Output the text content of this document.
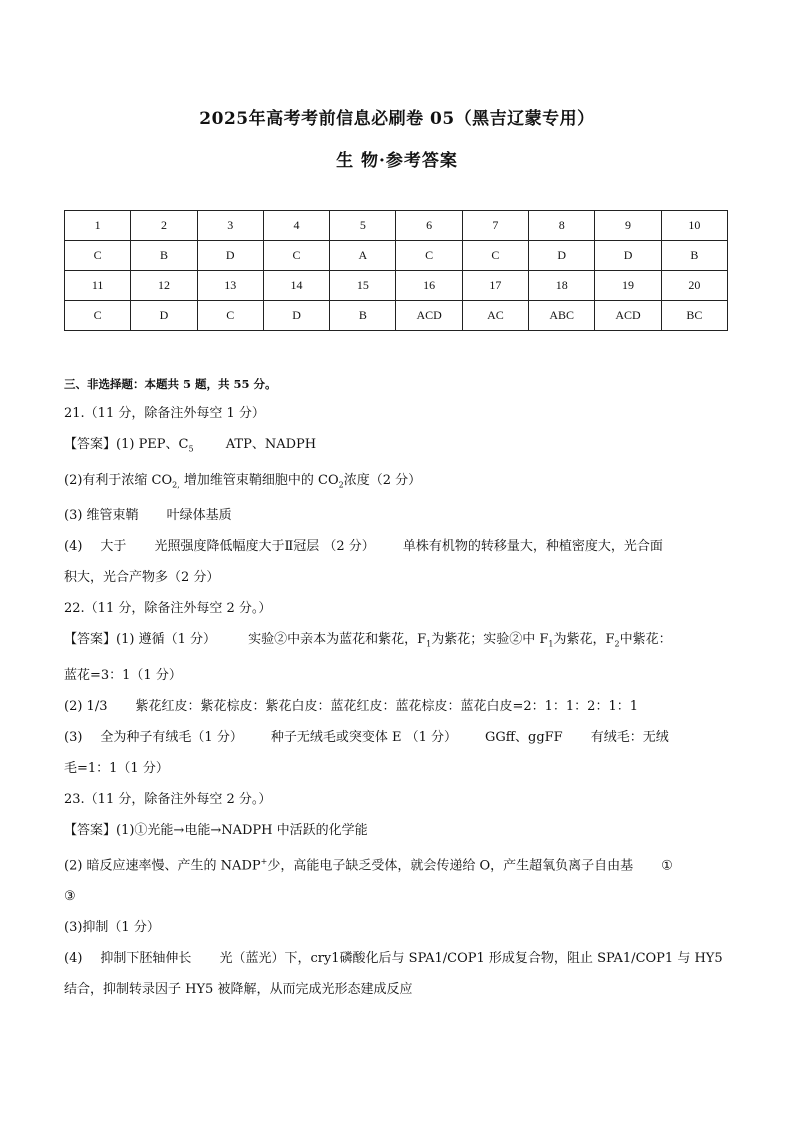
2025年高考考前信息必刷卷 05（黑吉辽蒙专用）
生 物·参考答案
1	2	3	4	5	6	7	8	9	10
C	B	D	C	A	C	C	D	D	B
11	12	13	14	15	16	17	18	19	20
C	D	C	D	B	ACD	AC	ABC	ACD	BC
三、非选择题：本题共 5 题，共 55 分。
21.（11 分，除备注外每空 1 分）
【答案】(1) PEP、$C_5$ ATP、NADPH
(2)有利于浓缩 $CO_{2,}$ 增加维管束鞘细胞中的 $CO_2$浓度（2 分）
(3) 维管束鞘 叶绿体基质
(4) 大于 光照强度降低幅度大于Ⅱ冠层 （2 分） 单株有机物的转移量大，种植密度大，光合面
积大，光合产物多（2 分）
22.（11 分，除备注外每空 2 分。）
【答案】(1) 遵循（1 分） 实验②中亲本为蓝花和紫花，$F_1$为紫花；实验②中 $F_1$为紫花，$F_2$中紫花：
蓝花=3：1（1 分）
(2) 1/3 紫花红皮：紫花棕皮：紫花白皮：蓝花红皮：蓝花棕皮：蓝花白皮=2：1：1：2：1：1
(3) 全为种子有绒毛（1 分） 种子无绒毛或突变体 E （1 分） GGff、ggFF 有绒毛：无绒
毛=1：1（1 分）
23.（11 分，除备注外每空 2 分。）
【答案】(1)①光能→电能→NADPH 中活跃的化学能
(2) 暗反应速率慢、产生的 NADP+少，高能电子缺乏受体，就会传递给 O，产生超氧负离子自由基 ①
③
(3)抑制（1 分）
(4) 抑制下胚轴伸长 光（蓝光）下，cry1磷酸化后与 SPA1/COP1 形成复合物，阻止 SPA1/COP1 与 HY5
结合，抑制转录因子 HY5 被降解，从而完成光形态建成反应
